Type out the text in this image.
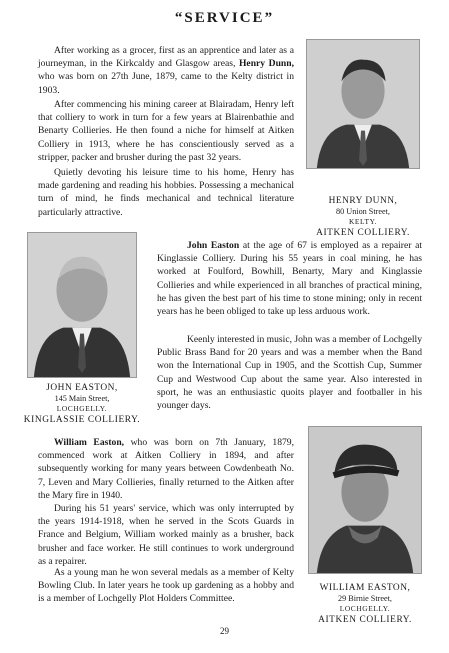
“SERVICE”

After working as a grocer, first as an apprentice and later as a journeyman, in the Kirkcaldy and Glasgow areas, Henry Dunn, who was born on 27th June, 1879, came to the Kelty district in 1903.

After commencing his mining career at Blairadam, Henry left that colliery to work in turn for a few years at Blairenbathie and Benarty Collieries. He then found a niche for himself at Aitken Colliery in 1913, where he has conscientiously served as a stripper, packer and brusher during the past 32 years.

Quietly devoting his leisure time to his home, Henry has made gardening and reading his hobbies. Possessing a mechanical turn of mind, he finds mechanical and technical literature particularly attractive.

HENRY DUNN,
80 Union Street,
KELTY.
AITKEN COLLIERY.
JOHN EASTON,
145 Main Street,
LOCHGELLY.
KINGLASSIE COLLIERY.

John Easton at the age of 67 is employed as a repairer at Kinglassie Colliery. During his 55 years in coal mining, he has worked at Foulford, Bowhill, Benarty, Mary and Kinglassie Collieries and while experienced in all branches of practical mining, he has given the best part of his time to stone mining; only in recent years has he been obliged to take up less arduous work.

Keenly interested in music, John was a member of Lochgelly Public Brass Band for 20 years and was a member when the Band won the International Cup in 1905, and the Scottish Cup, Summer Cup and Westwood Cup about the same year. Also interested in sport, he was an enthusiastic quoits player and footballer in his younger days.

William Easton, who was born on 7th January, 1879, commenced work at Aitken Colliery in 1894, and after subsequently working for many years between Cowdenbeath No. 7, Leven and Mary Collieries, finally returned to the Aitken after the Mary fire in 1940.

During his 51 years' service, which was only interrupted by the years 1914-1918, when he served in the Scots Guards in France and Belgium, William worked mainly as a brusher, back brusher and face worker. He still continues to work underground as a repairer.

As a young man he won several medals as a member of Kelty Bowling Club. In later years he took up gardening as a hobby and is a member of Lochgelly Plot Holders Committee.

WILLIAM EASTON,
29 Birnie Street,
LOCHGELLY.
AITKEN COLLIERY.
29
